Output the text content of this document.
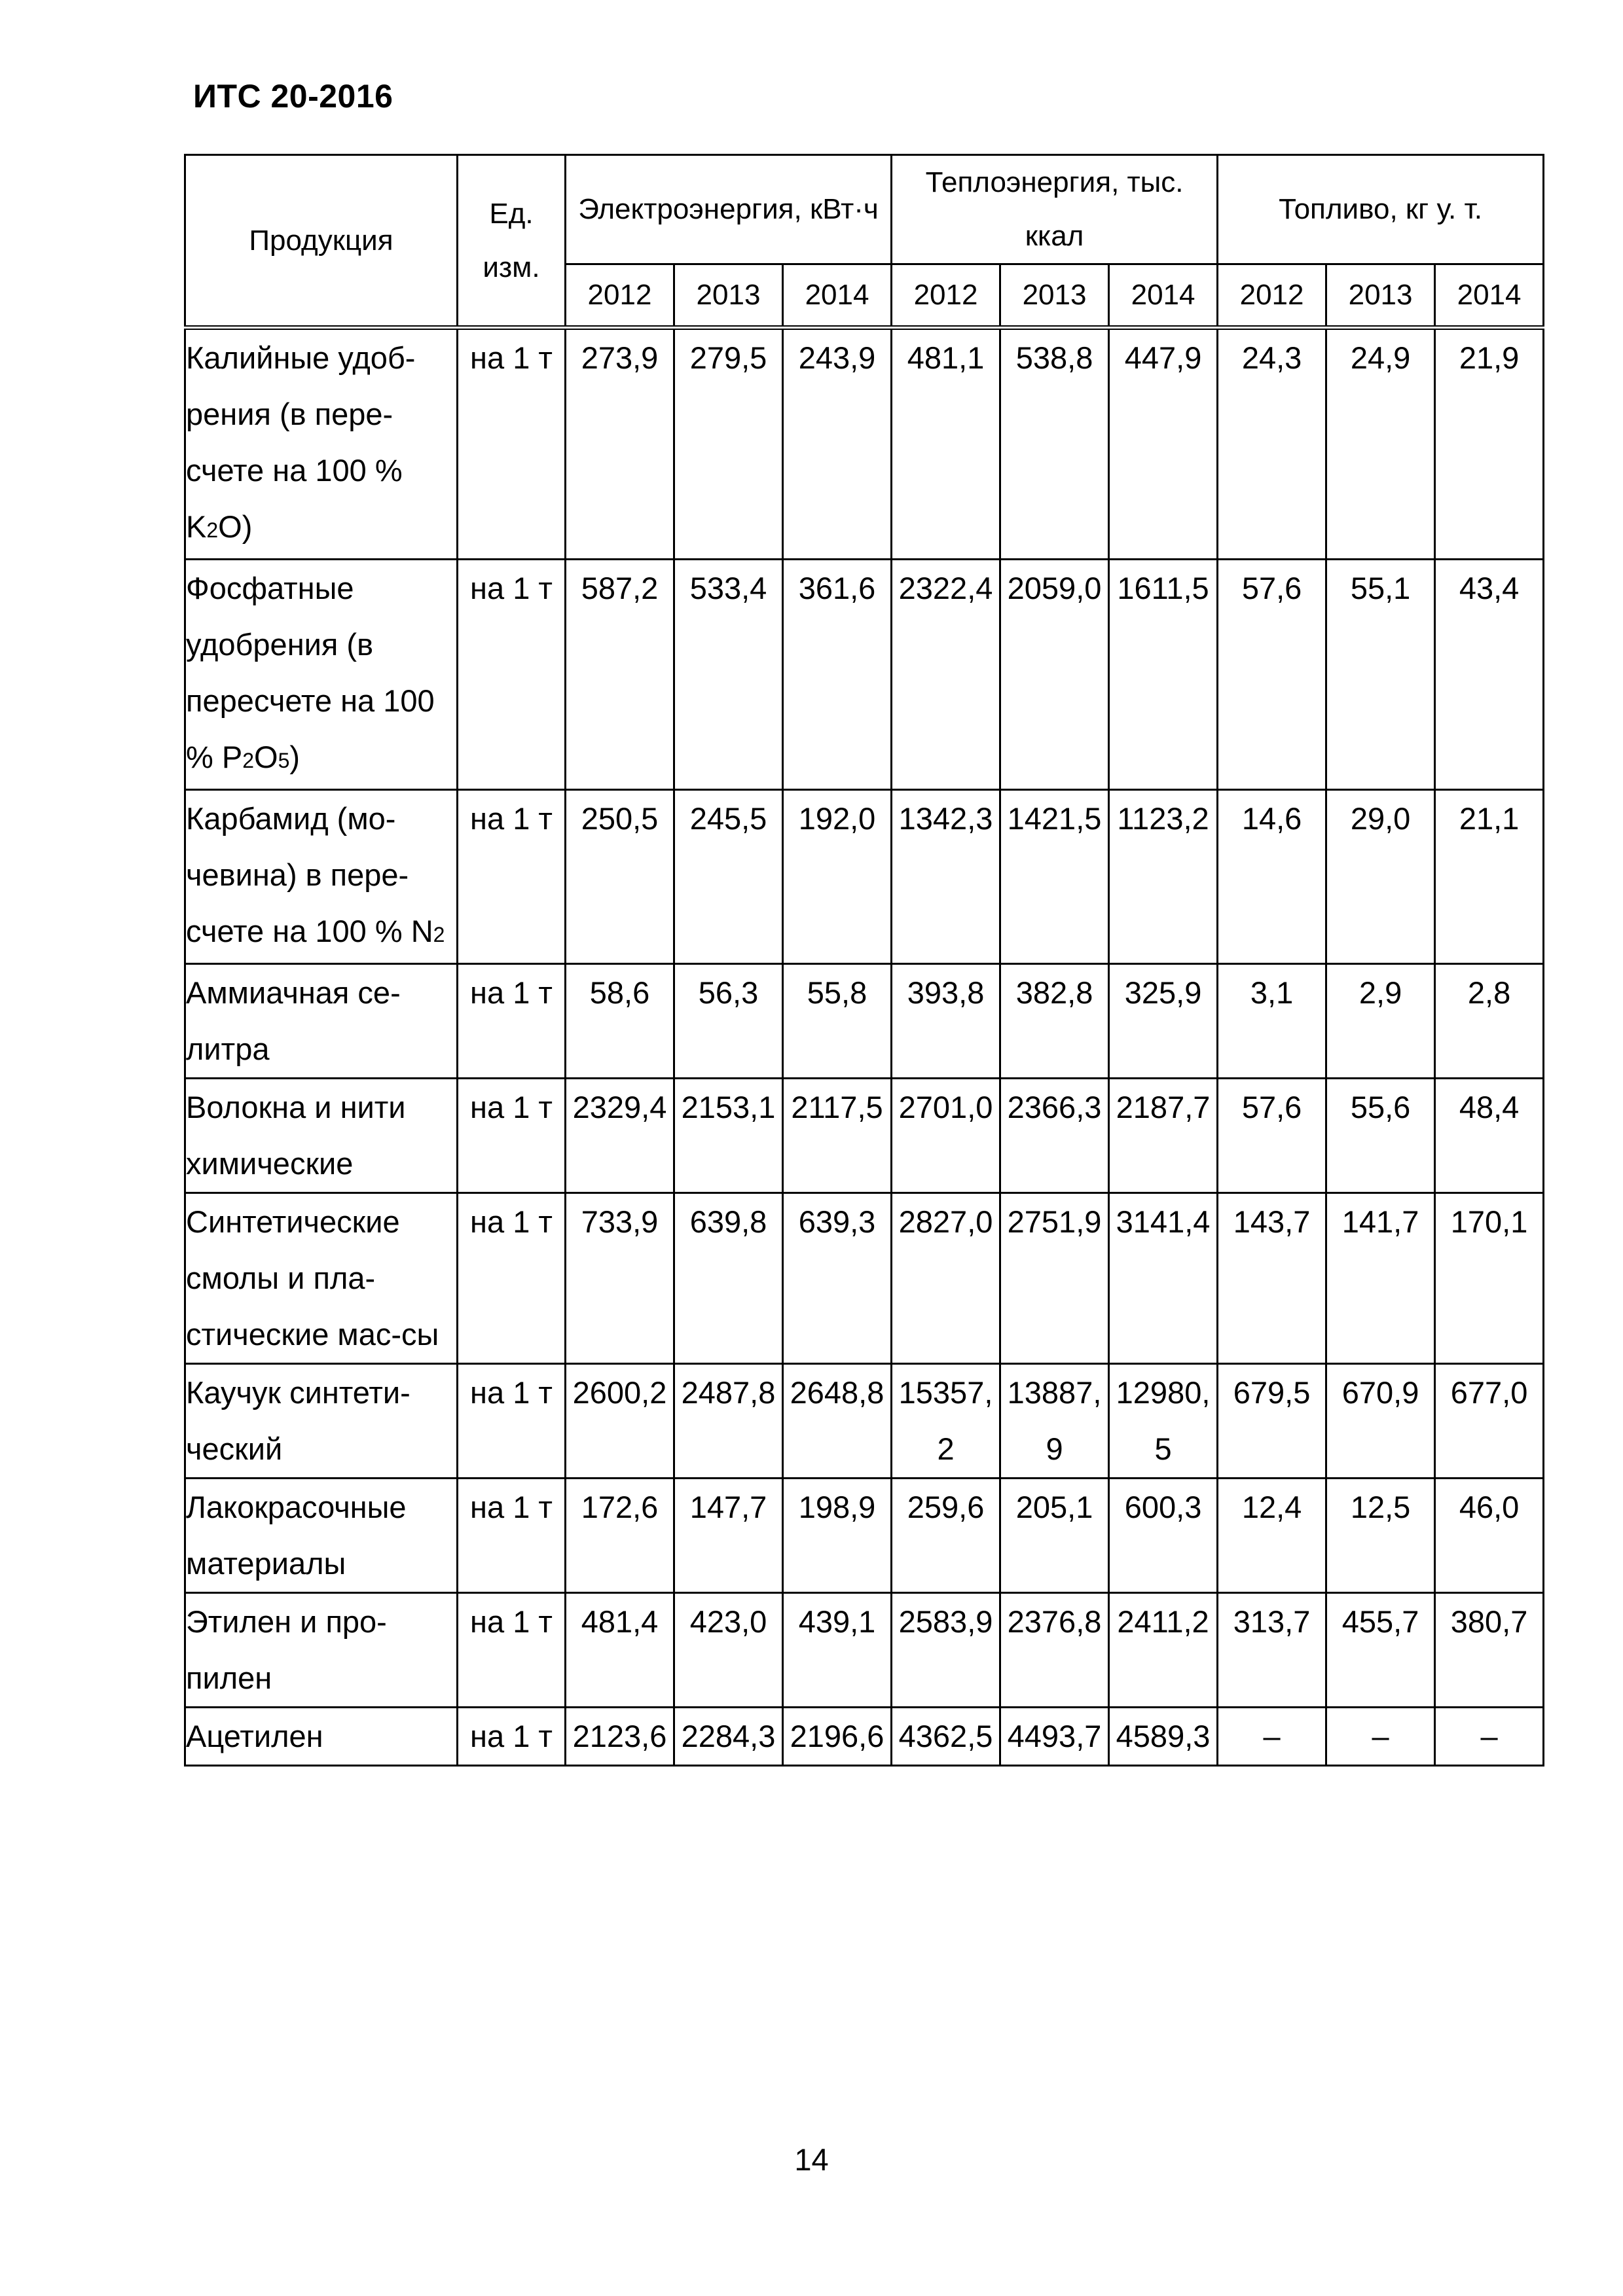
ИТС 20-2016
Продукция	Ед. изм.	Электроэнергия, кВт·ч			Теплоэнергия, тыс. ккал			Топливо, кг у. т.		
		2012	2013	2014	2012	2013	2014	2012	2013	2014
Калийные удоб-рения (в пере-счете на 100 % K2O)	на 1 т	273,9	279,5	243,9	481,1	538,8	447,9	24,3	24,9	21,9
Фосфатные удобрения (в пересчете на 100 % P2O5)	на 1 т	587,2	533,4	361,6	2322,4	2059,0	1611,5	57,6	55,1	43,4
Карбамид (мо-чевина) в пере-счете на 100 % N2	на 1 т	250,5	245,5	192,0	1342,3	1421,5	1123,2	14,6	29,0	21,1
Аммиачная се-литра	на 1 т	58,6	56,3	55,8	393,8	382,8	325,9	3,1	2,9	2,8
Волокна и нити химические	на 1 т	2329,4	2153,1	2117,5	2701,0	2366,3	2187,7	57,6	55,6	48,4
Синтетические смолы и пла-стические мас-сы	на 1 т	733,9	639,8	639,3	2827,0	2751,9	3141,4	143,7	141,7	170,1
Каучук синтети-ческий	на 1 т	2600,2	2487,8	2648,8	15357,2	13887,9	12980,5	679,5	670,9	677,0
Лакокрасочные материалы	на 1 т	172,6	147,7	198,9	259,6	205,1	600,3	12,4	12,5	46,0
Этилен и про-пилен	на 1 т	481,4	423,0	439,1	2583,9	2376,8	2411,2	313,7	455,7	380,7
Ацетилен	на 1 т	2123,6	2284,3	2196,6	4362,5	4493,7	4589,3	–	–	–
14
